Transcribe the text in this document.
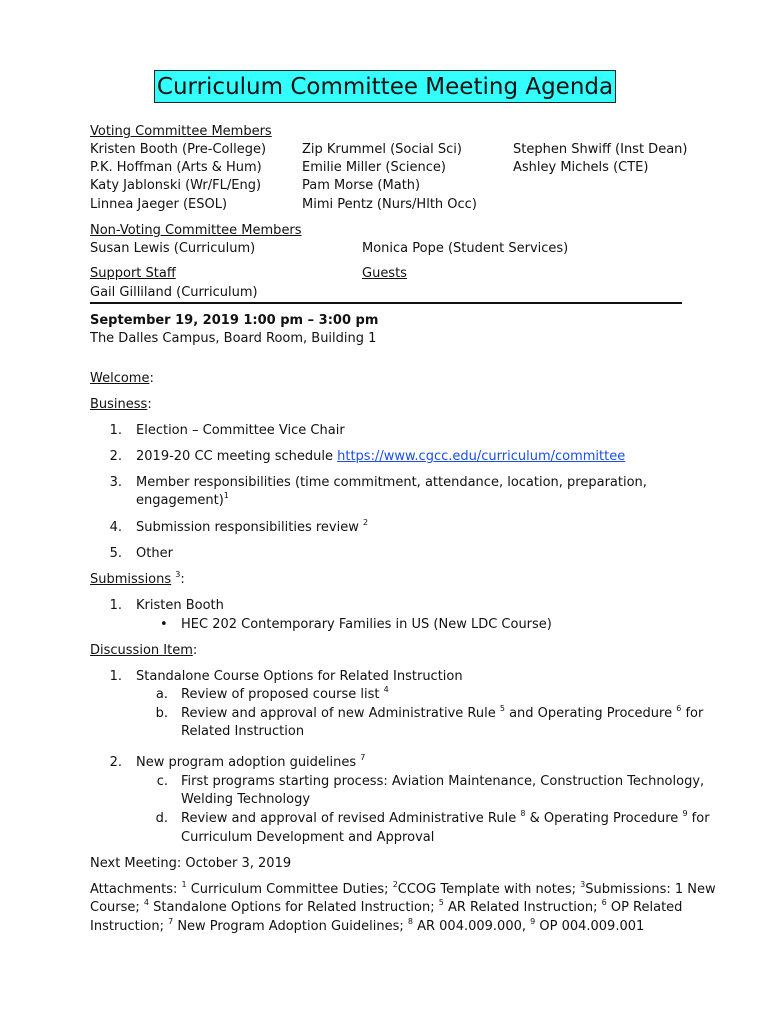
Curriculum Committee Meeting Agenda
Voting Committee Members
Kristen Booth (Pre-College)
P.K. Hoffman (Arts & Hum)
Katy Jablonski (Wr/FL/Eng)
Linnea Jaeger (ESOL)
Zip Krummel (Social Sci)
Emilie Miller (Science)
Pam Morse (Math)
Mimi Pentz (Nurs/Hlth Occ)
Stephen Shwiff (Inst Dean)
Ashley Michels (CTE)
Non-Voting Committee Members
Susan Lewis (Curriculum)	Monica Pope (Student Services)
Support Staff	Guests
Gail Gilliland (Curriculum)
September 19, 2019 1:00 pm – 3:00 pm
The Dalles Campus, Board Room, Building 1
Welcome:
Business:
1. Election – Committee Vice Chair
2. 2019-20 CC meeting schedule https://www.cgcc.edu/curriculum/committee
3. Member responsibilities (time commitment, attendance, location, preparation,
engagement)$^1$
4. Submission responsibilities review $^2$
5. Other
Submissions $^3$:
1. Kristen Booth
• HEC 202 Contemporary Families in US (New LDC Course)
Discussion Item:
1. Standalone Course Options for Related Instruction
a. Review of proposed course list $^4$
b. Review and approval of new Administrative Rule $^5$ and Operating Procedure $^6$ for
Related Instruction
2. New program adoption guidelines $^7$
c. First programs starting process: Aviation Maintenance, Construction Technology,
Welding Technology
d. Review and approval of revised Administrative Rule $^8$ & Operating Procedure $^9$ for
Curriculum Development and Approval
Next Meeting: October 3, 2019
Attachments: $^1$ Curriculum Committee Duties; $^2$CCOG Template with notes; $^3$Submissions: 1 New
Course; $^4$ Standalone Options for Related Instruction; $^5$ AR Related Instruction; $^6$ OP Related
Instruction; $^7$ New Program Adoption Guidelines; $^8$ AR 004.009.000, $^9$ OP 004.009.001
